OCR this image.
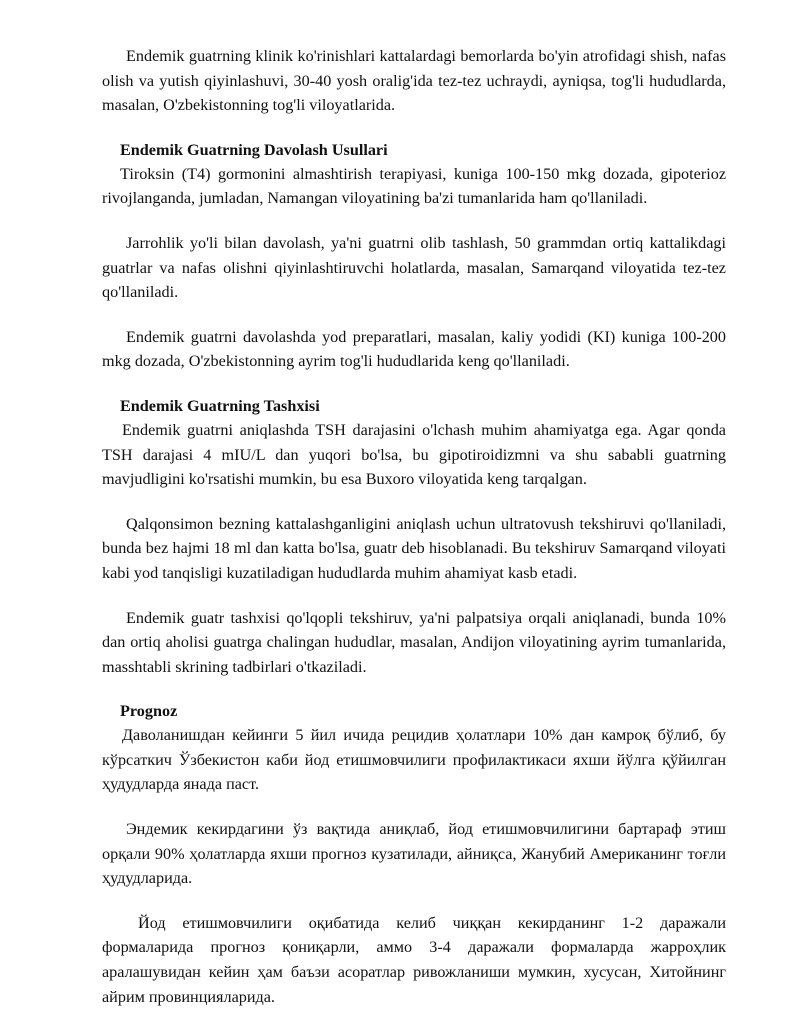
Endemik guatrning klinik ko'rinishlari kattalardagi bemorlarda bo'yin atrofidagi shish, nafas olish va yutish qiyinlashuvi, 30-40 yosh oralig'ida tez-tez uchraydi, ayniqsa, tog'li hududlarda, masalan, O'zbekistonning tog'li viloyatlarida.

Endemik Guatrning Davolash Usullari

Tiroksin (T4) gormonini almashtirish terapiyasi, kuniga 100-150 mkg dozada, gipoterioz rivojlanganda, jumladan, Namangan viloyatining ba'zi tumanlarida ham qo'llaniladi.

Jarrohlik yo'li bilan davolash, ya'ni guatrni olib tashlash, 50 grammdan ortiq kattalikdagi guatrlar va nafas olishni qiyinlashtiruvchi holatlarda, masalan, Samarqand viloyatida tez-tez qo'llaniladi.

Endemik guatrni davolashda yod preparatlari, masalan, kaliy yodidi (KI) kuniga 100-200 mkg dozada, O'zbekistonning ayrim tog'li hududlarida keng qo'llaniladi.

Endemik Guatrning Tashxisi

Endemik guatrni aniqlashda TSH darajasini o'lchash muhim ahamiyatga ega. Agar qonda TSH darajasi 4 mIU/L dan yuqori bo'lsa, bu gipotiroidizmni va shu sababli guatrning mavjudligini ko'rsatishi mumkin, bu esa Buxoro viloyatida keng tarqalgan.

Qalqonsimon bezning kattalashganligini aniqlash uchun ultratovush tekshiruvi qo'llaniladi, bunda bez hajmi 18 ml dan katta bo'lsa, guatr deb hisoblanadi. Bu tekshiruv Samarqand viloyati kabi yod tanqisligi kuzatiladigan hududlarda muhim ahamiyat kasb etadi.

Endemik guatr tashxisi qo'lqopli tekshiruv, ya'ni palpatsiya orqali aniqlanadi, bunda 10% dan ortiq aholisi guatrga chalingan hududlar, masalan, Andijon viloyatining ayrim tumanlarida, masshtabli skrining tadbirlari o'tkaziladi.

Prognoz

Даволанишдан кейинги 5 йил ичида рецидив ҳолатлари 10% дан камроқ бўлиб, бу кўрсаткич Ўзбекистон каби йод етишмовчилиги профилактикаси яхши йўлга қўйилган ҳудудларда янада паст.

Эндемик кекирдагини ўз вақтида аниқлаб, йод етишмовчилигини бартараф этиш орқали 90% ҳолатларда яхши прогноз кузатилади, айниқса, Жанубий Американинг тоғли ҳудудларида.

Йод етишмовчилиги оқибатида келиб чиққан кекирданинг 1-2 даражали формаларида прогноз қониқарли, аммо 3-4 даражали формаларда жарроҳлик аралашувидан кейин ҳам баъзи асоратлар ривожланиши мумкин, хусусан, Хитойнинг айрим провинцияларида.
